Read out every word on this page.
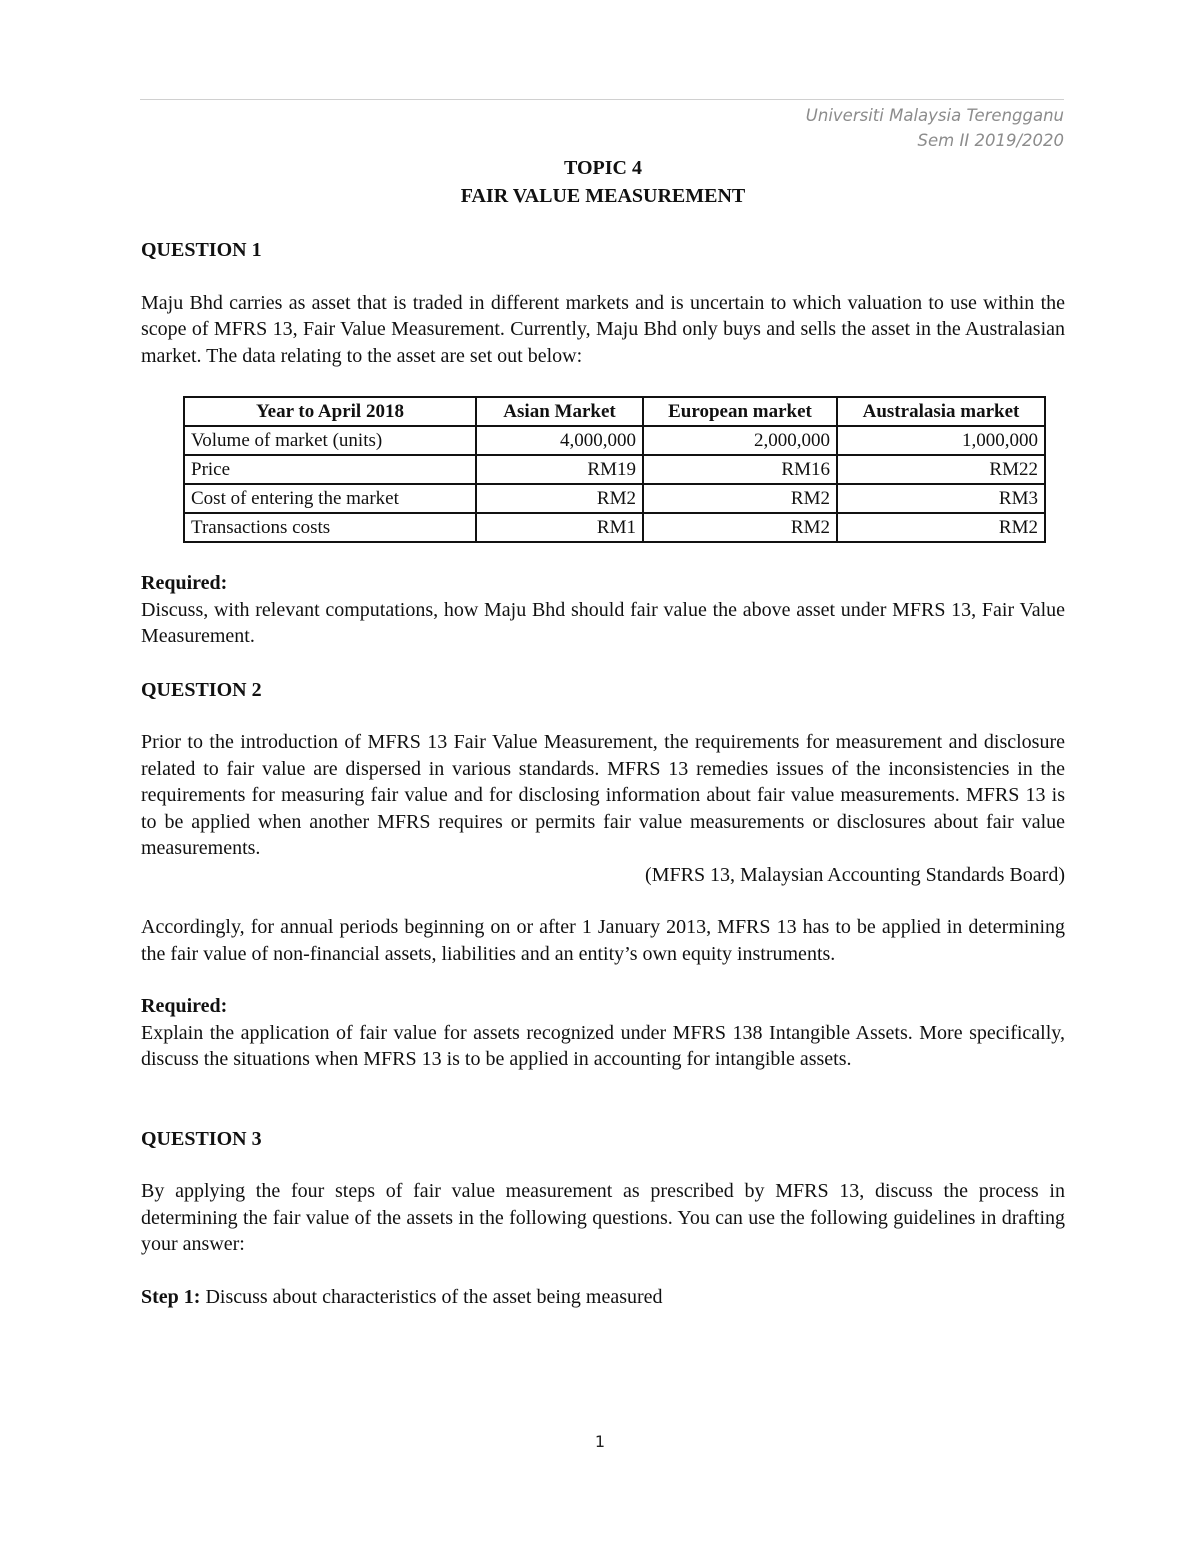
Universiti Malaysia Terengganu
Sem II 2019/2020
TOPIC 4
FAIR VALUE MEASUREMENT

QUESTION 1

Maju Bhd carries as asset that is traded in different markets and is uncertain to which valuation to use within the scope of MFRS 13, Fair Value Measurement. Currently, Maju Bhd only buys and sells the asset in the Australasian market. The data relating to the asset are set out below:

Year to April 2018	Asian Market	European market	Australasia market
Volume of market (units)	4,000,000	2,000,000	1,000,000
Price	RM19	RM16	RM22
Cost of entering the market	RM2	RM2	RM3
Transactions costs	RM1	RM2	RM2

Required:

Discuss, with relevant computations, how Maju Bhd should fair value the above asset under MFRS 13, Fair Value Measurement.

QUESTION 2

Prior to the introduction of MFRS 13 Fair Value Measurement, the requirements for measurement and disclosure related to fair value are dispersed in various standards. MFRS 13 remedies issues of the inconsistencies in the requirements for measuring fair value and for disclosing information about fair value measurements. MFRS 13 is to be applied when another MFRS requires or permits fair value measurements or disclosures about fair value measurements.

(MFRS 13, Malaysian Accounting Standards Board)

Accordingly, for annual periods beginning on or after 1 January 2013, MFRS 13 has to be applied in determining the fair value of non-financial assets, liabilities and an entity’s own equity instruments.

Required:

Explain the application of fair value for assets recognized under MFRS 138 Intangible Assets. More specifically, discuss the situations when MFRS 13 is to be applied in accounting for intangible assets.

QUESTION 3

By applying the four steps of fair value measurement as prescribed by MFRS 13, discuss the process in determining the fair value of the assets in the following questions. You can use the following guidelines in drafting your answer:

Step 1: Discuss about characteristics of the asset being measured

1
